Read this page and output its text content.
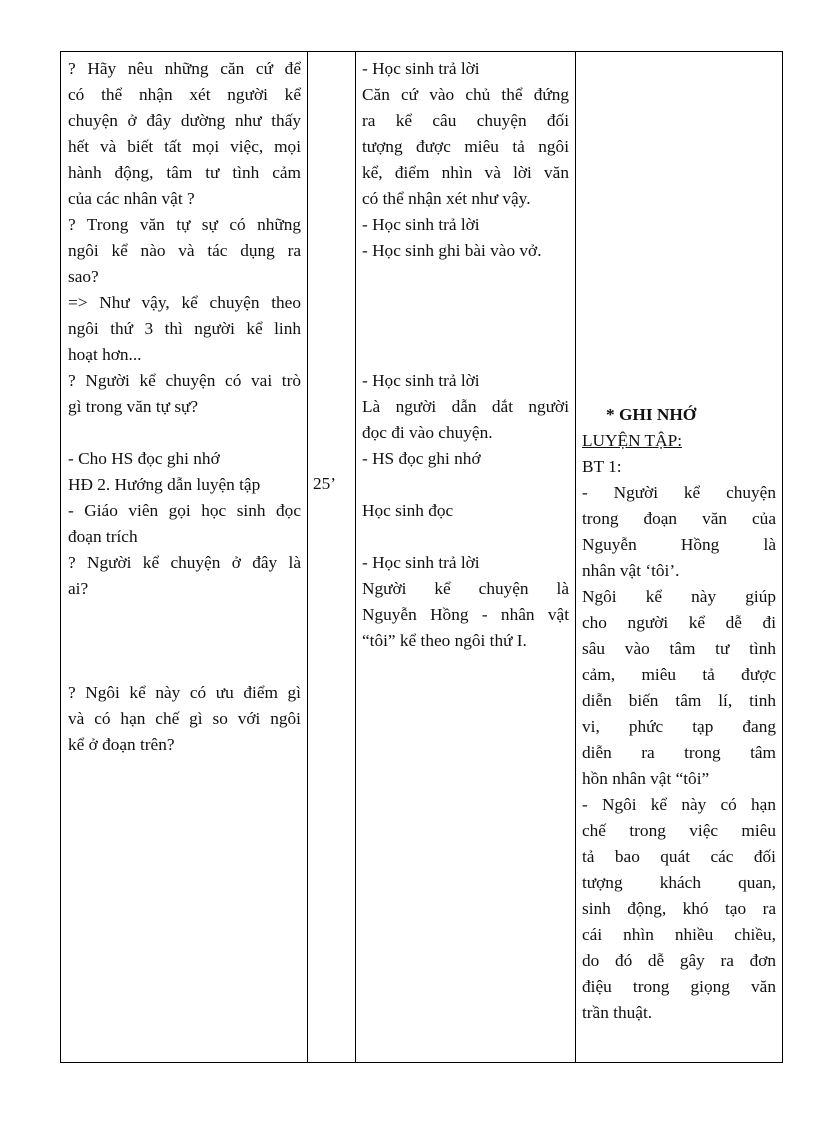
? Hãy nêu những căn cứ để
có thể nhận xét người kể
chuyện ở đây dường như thấy
hết và biết tất mọi việc, mọi
hành động, tâm tư tình cảm
của các nhân vật ?
? Trong văn tự sự có những
ngôi kể nào và tác dụng ra
sao?
=> Như vậy, kể chuyện theo
ngôi thứ 3 thì người kể linh
hoạt hơn...
? Người kể chuyện có vai trò
gì trong văn tự sự?
- Cho HS đọc ghi nhớ
HĐ 2. Hướng dẫn luyện tập
- Giáo viên gọi học sinh đọc
đoạn trích
? Người kể chuyện ở đây là
ai?
? Ngôi kể này có ưu điểm gì
và có hạn chế gì so với ngôi
kể ở đoạn trên?
25’
- Học sinh trả lời
Căn cứ vào chủ thể đứng
ra kể câu chuyện đối
tượng được miêu tả ngôi
kể, điểm nhìn và lời văn
có thể nhận xét như vậy.
- Học sinh trả lời
- Học sinh ghi bài vào vở.
- Học sinh trả lời
Là người dẫn dắt người
đọc đi vào chuyện.
- HS đọc ghi nhớ
Học sinh đọc
- Học sinh trả lời
Người kể chuyện là
Nguyễn Hồng - nhân vật
“tôi” kể theo ngôi thứ I.
* GHI NHỚ
LUYỆN TẬP:
BT 1:
- Người kể chuyện
trong đoạn văn của
Nguyễn Hồng là
nhân vật ‘tôi’.
Ngôi kể này giúp
cho người kể dễ đi
sâu vào tâm tư tình
cảm, miêu tả được
diễn biến tâm lí, tinh
vi, phức tạp đang
diễn ra trong tâm
hồn nhân vật “tôi”
- Ngôi kể này có hạn
chế trong việc miêu
tả bao quát các đối
tượng khách quan,
sinh động, khó tạo ra
cái nhìn nhiều chiều,
do đó dễ gây ra đơn
điệu trong giọng văn
trần thuật.
